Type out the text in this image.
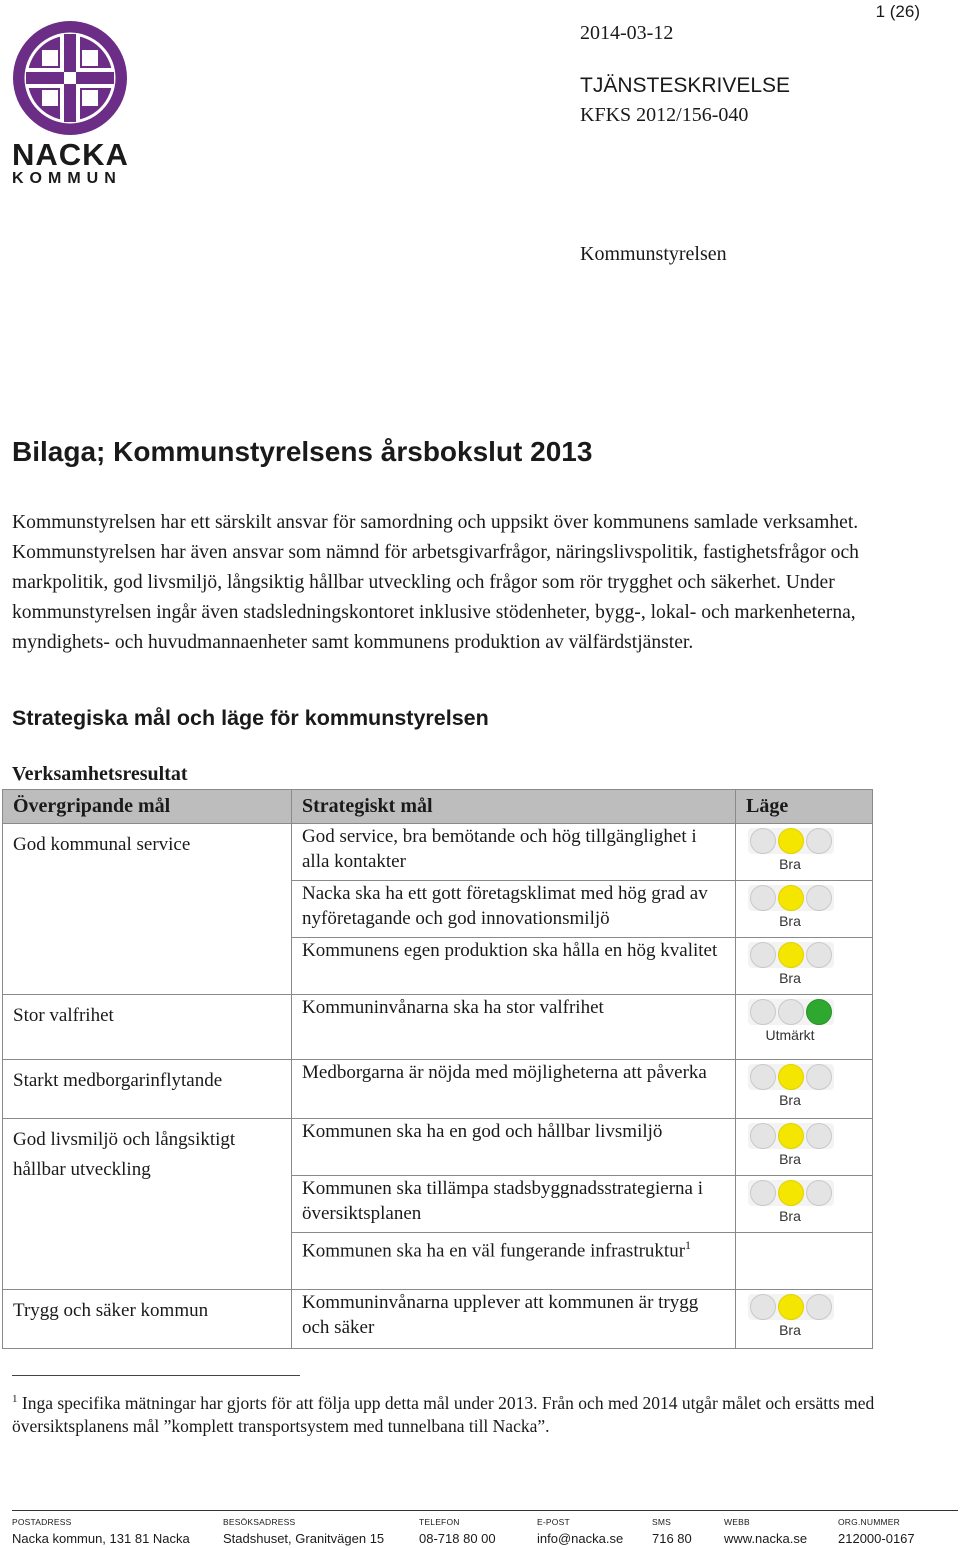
1 (26)
NACKA
KOMMUN
2014-03-12
TJÄNSTESKRIVELSE
KFKS 2012/156-040
Kommunstyrelsen
Bilaga; Kommunstyrelsens årsbokslut 2013
Kommunstyrelsen har ett särskilt ansvar för samordning och uppsikt över kommunens samlade verksamhet. Kommunstyrelsen har även ansvar som nämnd för arbetsgivarfrågor, näringslivspolitik, fastighetsfrågor och markpolitik, god livsmiljö, långsiktig hållbar utveckling och frågor som rör trygghet och säkerhet. Under kommunstyrelsen ingår även stadsledningskontoret inklusive stödenheter, bygg-, lokal- och markenheterna, myndighets- och huvudmannaenheter samt kommunens produktion av välfärdstjänster.
Strategiska mål och läge för kommunstyrelsen
Verksamhetsresultat
Övergripande mål	Strategiskt mål	Läge
God kommunal service	God service, bra bemötande och hög tillgänglighet i alla kontakter	Bra

	Nacka ska ha ett gott företagsklimat med hög grad av nyföretagande och god innovationsmiljö	Bra

	Kommunens egen produktion ska hålla en hög kvalitet	Bra

Stor valfrihet	Kommuninvånarna ska ha stor valfrihet	Utmärkt

Starkt medborgarinflytande	Medborgarna är nöjda med möjligheterna att påverka	Bra

God livsmiljö och långsiktigt hållbar utveckling	Kommunen ska ha en god och hållbar livsmiljö	Bra

	Kommunen ska tillämpa stadsbyggnadsstrategierna i översiktsplanen	Bra

	Kommunen ska ha en väl fungerande infrastruktur$^1$	
Trygg och säker kommun	Kommuninvånarna upplever att kommunen är trygg och säker	Bra
$^1$ Inga specifika mätningar har gjorts för att följa upp detta mål under 2013. Från och med 2014 utgår målet och ersätts med översiktsplanens mål ”komplett transportsystem med tunnelbana till Nacka”.
POSTADRESS
Nacka kommun, 131 81 Nacka
BESÖKSADRESS
Stadshuset, Granitvägen 15
TELEFON
08-718 80 00
E-POST
info@nacka.se
SMS
716 80
WEBB
www.nacka.se
ORG.NUMMER
212000-0167
